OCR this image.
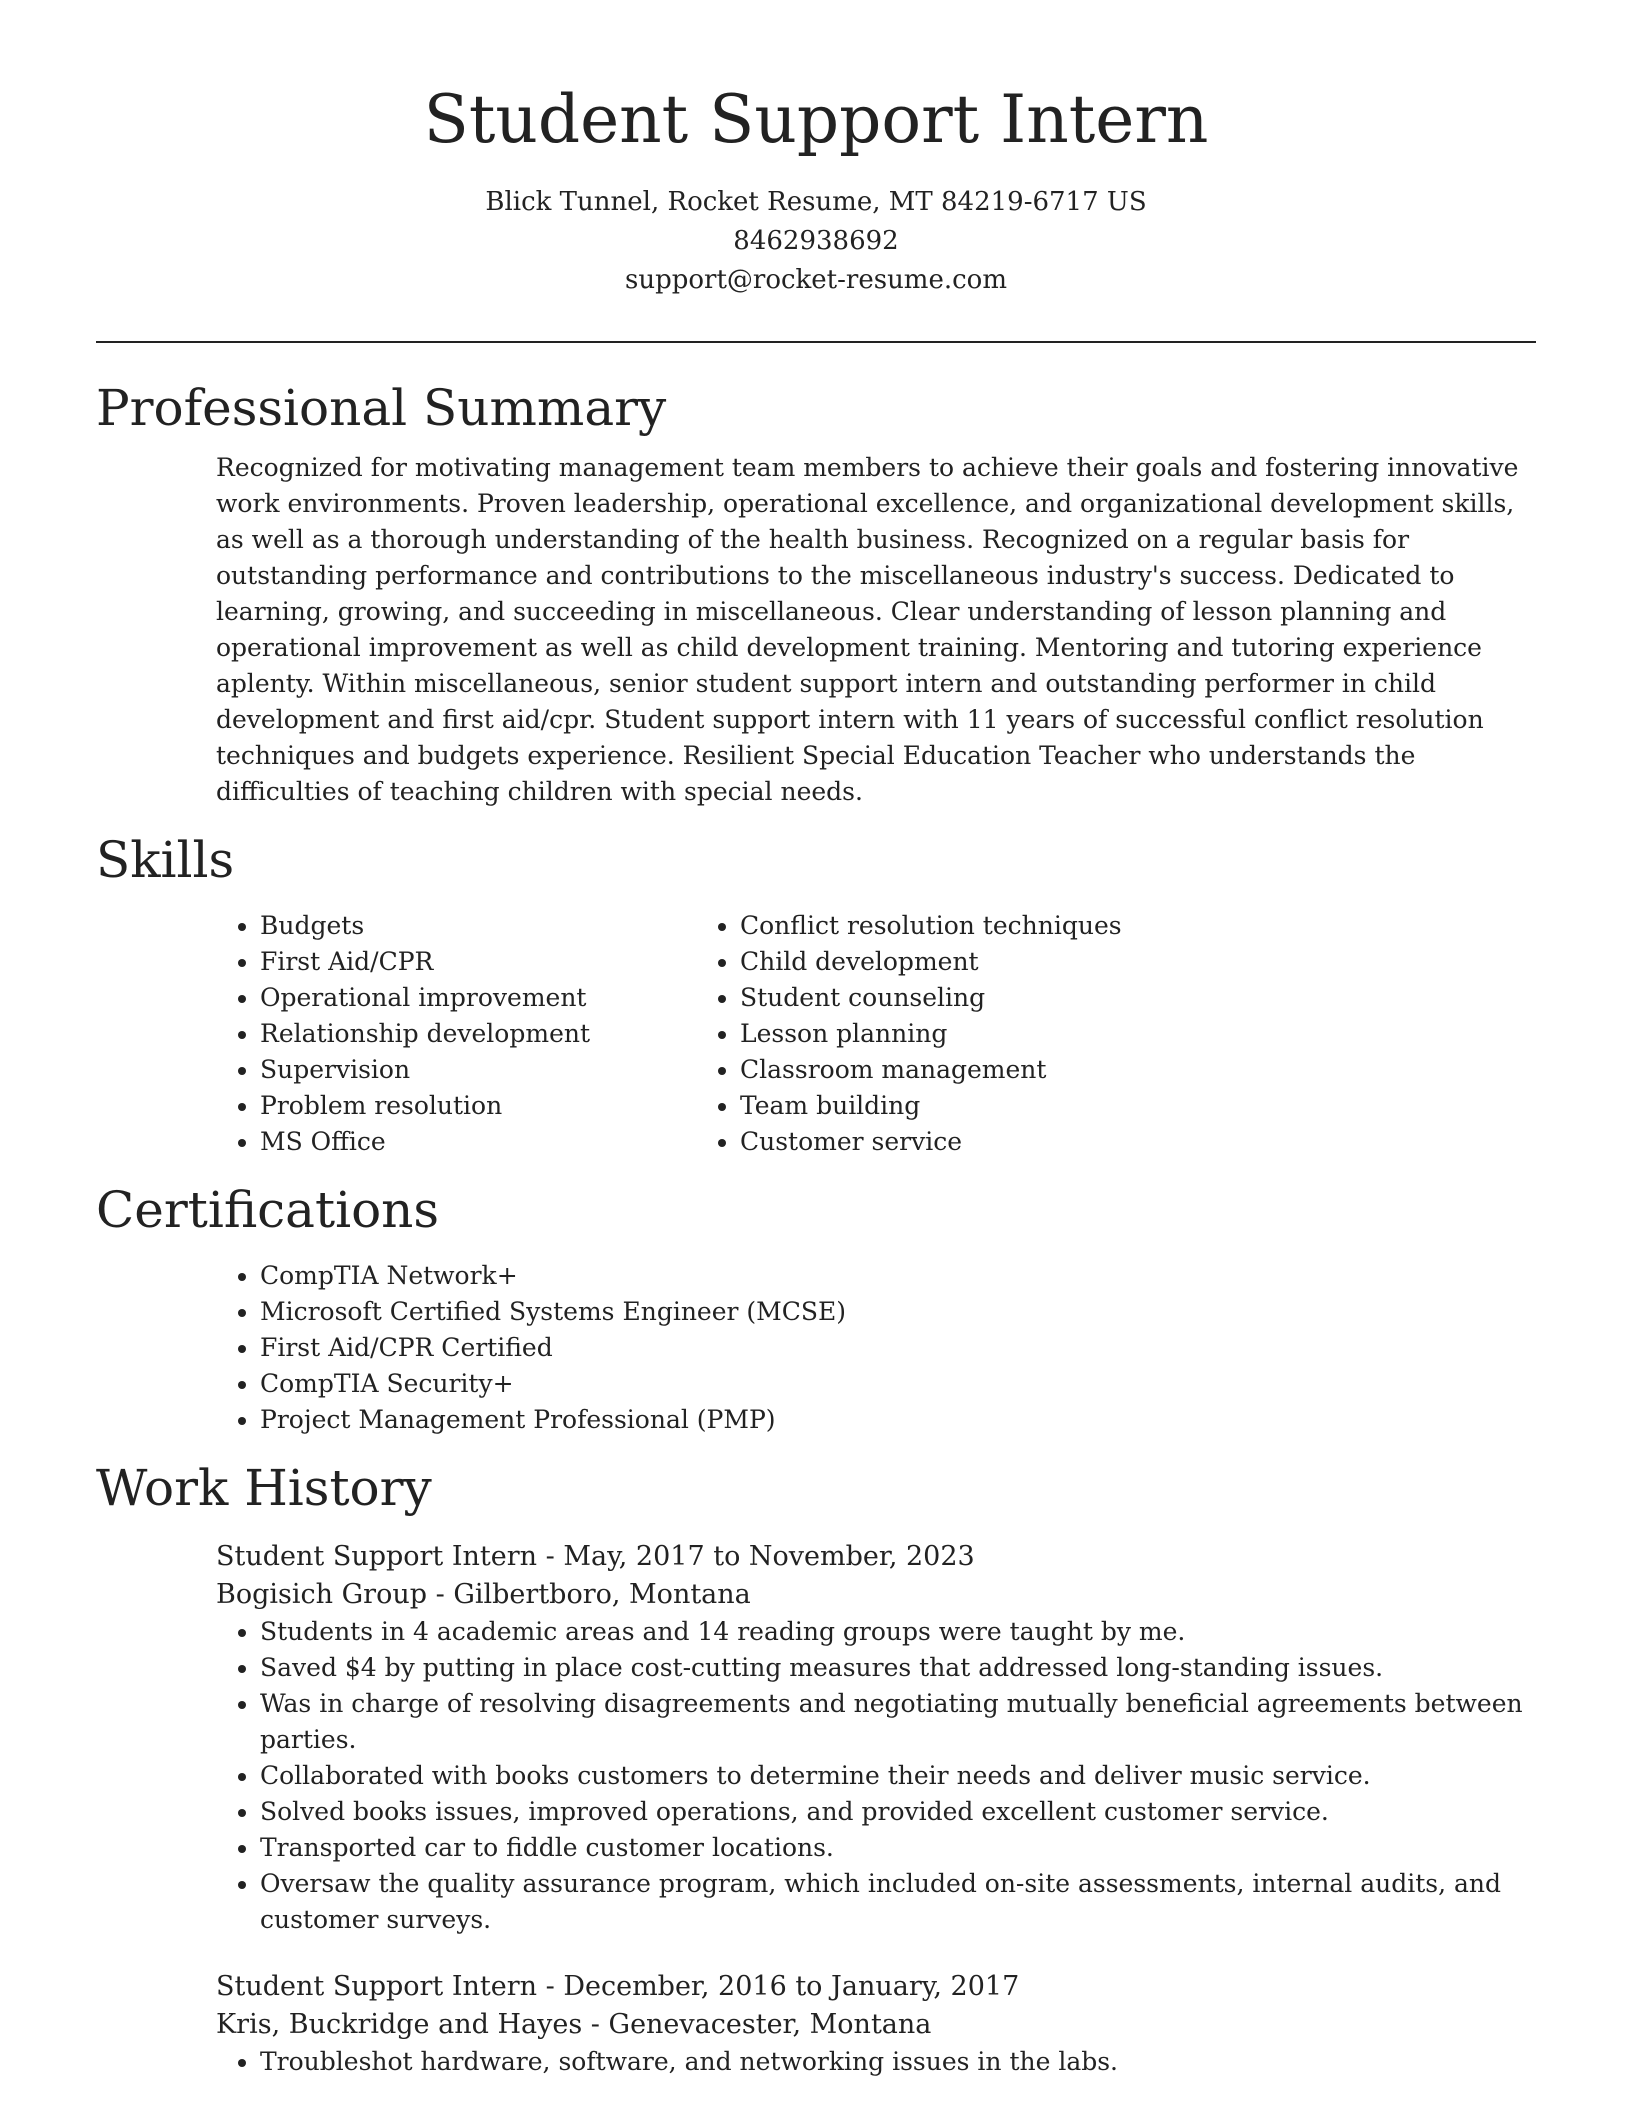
Student Support Intern

Blick Tunnel, Rocket Resume, MT 84219-6717 US

8462938692

support@rocket-resume.com

Professional Summary

Recognized for motivating management team members to achieve their goals and fostering innovative work environments. Proven leadership, operational excellence, and organizational development skills, as well as a thorough understanding of the health business. Recognized on a regular basis for outstanding performance and contributions to the miscellaneous industry's success. Dedicated to learning, growing, and succeeding in miscellaneous. Clear understanding of lesson planning and operational improvement as well as child development training. Mentoring and tutoring experience aplenty. Within miscellaneous, senior student support intern and outstanding performer in child development and first aid/cpr. Student support intern with 11 years of successful conflict resolution techniques and budgets experience. Resilient Special Education Teacher who understands the difficulties of teaching children with special needs.

Skills
• Budgets
• First Aid/CPR
• Operational improvement
• Relationship development
• Supervision
• Problem resolution
• MS Office
• Conflict resolution techniques
• Child development
• Student counseling
• Lesson planning
• Classroom management
• Team building
• Customer service
Certifications
• CompTIA Network+
• Microsoft Certified Systems Engineer (MCSE)
• First Aid/CPR Certified
• CompTIA Security+
• Project Management Professional (PMP)
Work History

Student Support Intern - May, 2017 to November, 2023

Bogisich Group - Gilbertboro, Montana

• Students in 4 academic areas and 14 reading groups were taught by me.
• Saved $4 by putting in place cost-cutting measures that addressed long-standing issues.
• Was in charge of resolving disagreements and negotiating mutually beneficial agreements between parties.
• Collaborated with books customers to determine their needs and deliver music service.
• Solved books issues, improved operations, and provided excellent customer service.
• Transported car to fiddle customer locations.
• Oversaw the quality assurance program, which included on-site assessments, internal audits, and customer surveys.

Student Support Intern - December, 2016 to January, 2017

Kris, Buckridge and Hayes - Genevacester, Montana

• Troubleshot hardware, software, and networking issues in the labs.
